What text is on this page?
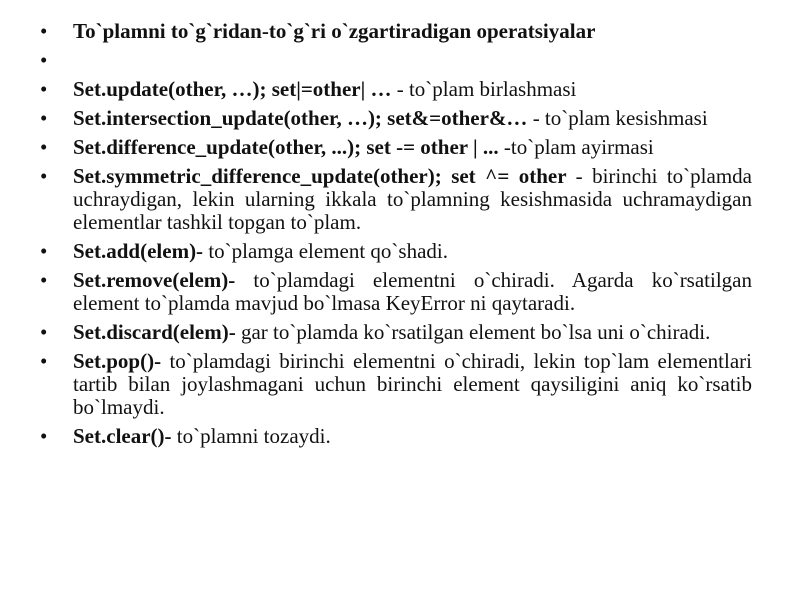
• To`plamni to`g`ridan-to`g`ri o`zgartiradigan operatsiyalar
•
• Set.update(other, …); set|=other| … - to`plam birlashmasi
• Set.intersection_update(other, …); set&=other&… - to`plam kesishmasi
• Set.difference_update(other, ...); set -= other | ... -to`plam ayirmasi
• Set.symmetric_difference_update(other); set ^= other - birinchi to`plamda uchraydigan, lekin ularning ikkala to`plamning kesishmasida uchramaydigan elementlar tashkil topgan to`plam.
• Set.add(elem)- to`plamga element qo`shadi.
• Set.remove(elem)- to`plamdagi elementni o`chiradi. Agarda ko`rsatilgan element to`plamda mavjud bo`lmasa KeyError ni qaytaradi.
• Set.discard(elem)- gar to`plamda ko`rsatilgan element bo`lsa uni o`chiradi.
• Set.pop()- to`plamdagi birinchi elementni o`chiradi, lekin top`lam elementlari tartib bilan joylashmagani uchun birinchi element qaysiligini aniq ko`rsatib bo`lmaydi.
• Set.clear()- to`plamni tozaydi.
